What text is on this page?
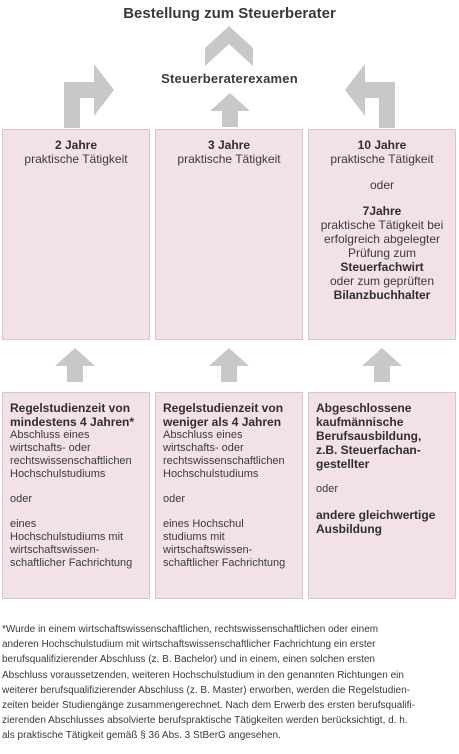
Bestellung zum Steuerberater
Steuerberaterexamen
2 Jahre
praktische Tätigkeit
3 Jahre
praktische Tätigkeit
10 Jahre
praktische Tätigkeit
oder
7Jahre
praktische Tätigkeit bei
erfolgreich abgelegter
Prüfung zum
Steuerfachwirt
oder zum geprüften
Bilanzbuchhalter
Regelstudienzeit von
mindestens 4 Jahren*
Abschluss eines
wirtschafts- oder
rechtswissenschaftlichen
Hochschulstudiums
oder
eines
Hochschulstudiums mit
wirtschaftswissen-
schaftlicher Fachrichtung
Regelstudienzeit von
weniger als 4 Jahren
Abschluss eines
wirtschafts- oder
rechtswissenschaftlichen
Hochschulstudiums
oder
eines Hochschul
studiums mit
wirtschaftswissen-
schaftlicher Fachrichtung
Abgeschlossene
kaufmännische
Berufsausbildung,
z.B. Steuerfachan-
gestellter
oder
andere gleichwertige
Ausbildung
*Wurde in einem wirtschaftswissenschaftlichen, rechtswissenschaftlichen oder einem
anderen Hochschulstudium mit wirtschaftswissenschaftlicher Fachrichtung ein erster
berufsqualifizierender Abschluss (z. B. Bachelor) und in einem, einen solchen ersten
Abschluss voraussetzenden, weiteren Hochschulstudium in den genannten Richtungen ein
weiterer berufsqualifizierender Abschluss (z. B. Master) erworben, werden die Regelstudien-
zeiten beider Studiengänge zusammengerechnet. Nach dem Erwerb des ersten berufsqualifi-
zierenden Abschlusses absolvierte berufspraktische Tätigkeiten werden berücksichtigt, d. h.
als praktische Tätigkeit gemäß § 36 Abs. 3 StBerG angesehen.
